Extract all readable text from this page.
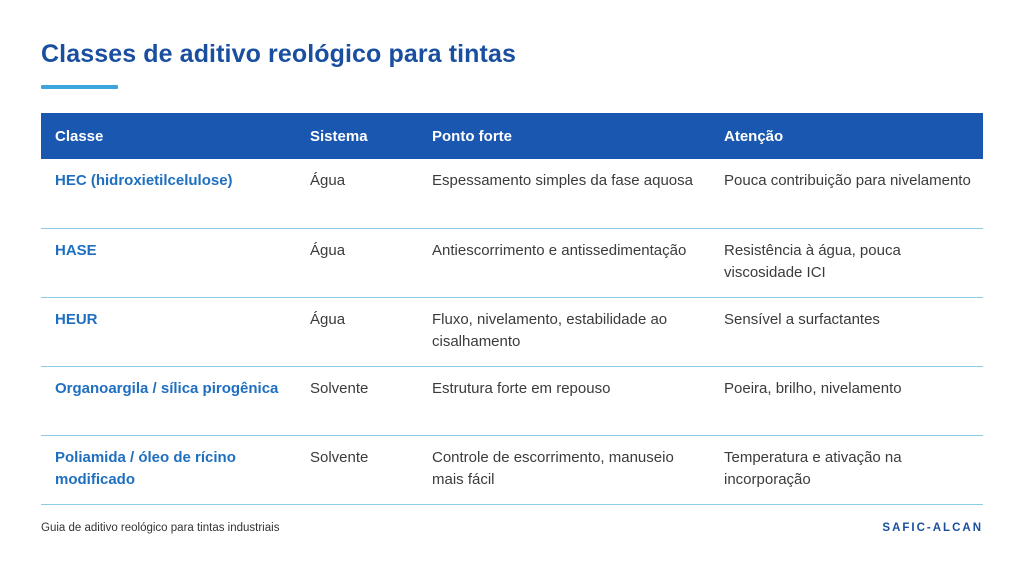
Classes de aditivo reológico para tintas
Classe	Sistema	Ponto forte	Atenção
HEC (hidroxietilcelulose)	Água	Espessamento simples da fase aquosa	Pouca contribuição para nivelamento
HASE	Água	Antiescorrimento e antissedimentação	Resistência à água, pouca viscosidade ICI
HEUR	Água	Fluxo, nivelamento, estabilidade ao cisalhamento	Sensível a surfactantes
Organoargila / sílica pirogênica	Solvente	Estrutura forte em repouso	Poeira, brilho, nivelamento
Poliamida / óleo de rícino modificado	Solvente	Controle de escorrimento, manuseio mais fácil	Temperatura e ativação na incorporação
Guia de aditivo reológico para tintas industriais	SAFIC-ALCAN
